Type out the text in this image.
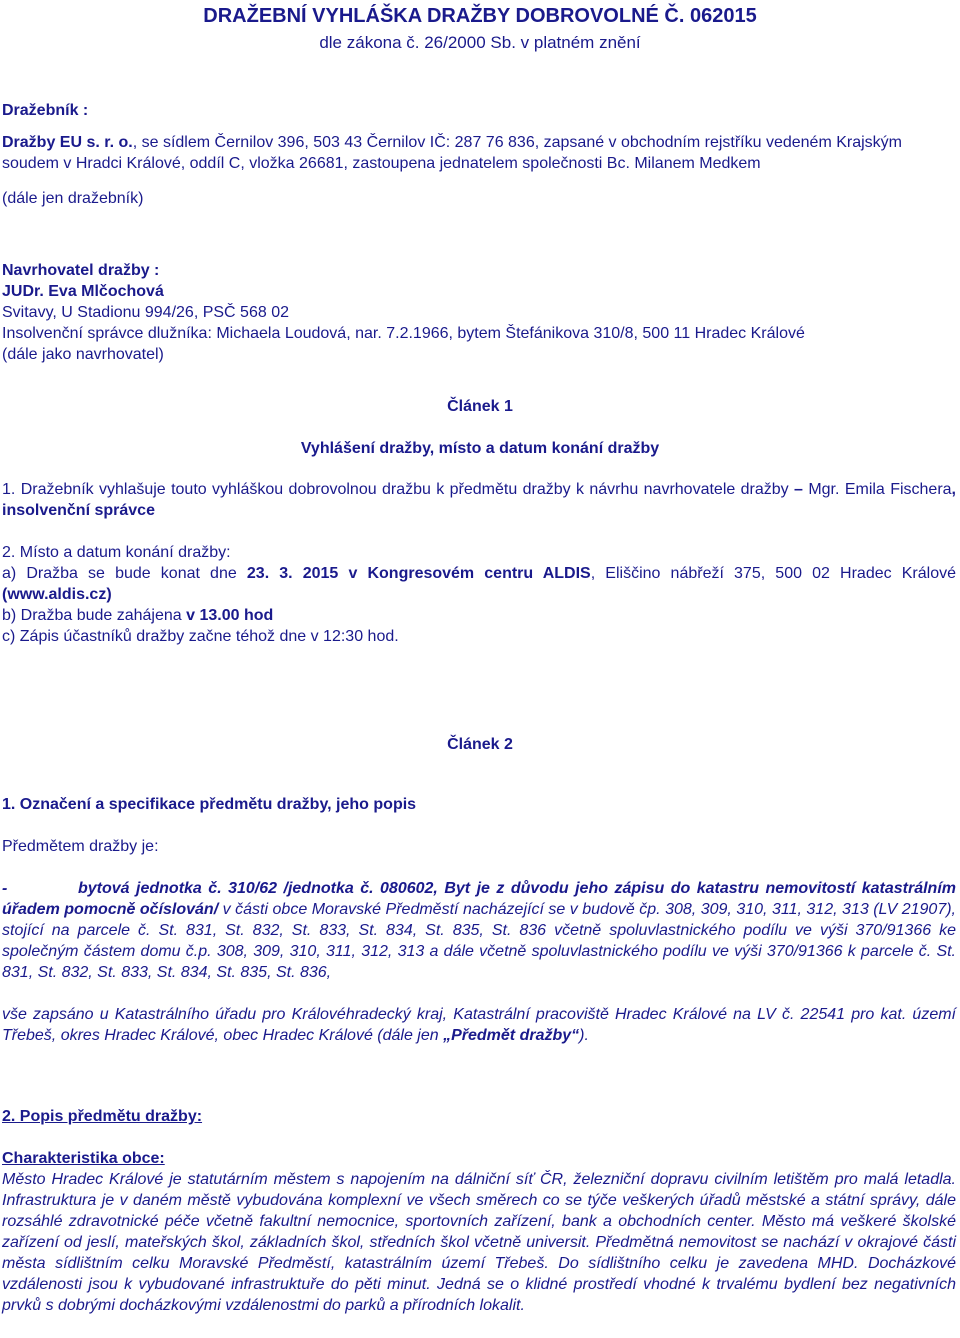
DRAŽEBNÍ VYHLÁŠKA DRAŽBY DOBROVOLNÉ Č. 062015
dle zákona č. 26/2000 Sb. v platném znění
Dražebník :
Dražby EU s. r. o., se sídlem Černilov 396, 503 43 Černilov IČ: 287 76 836, zapsané v obchodním rejstříku vedeném Krajským soudem v Hradci Králové, oddíl C, vložka 26681, zastoupena jednatelem společnosti Bc. Milanem Medkem
(dále jen dražebník)
Navrhovatel dražby :
JUDr. Eva Mlčochová
Svitavy, U Stadionu 994/26, PSČ 568 02
Insolvenční správce dlužníka: Michaela Loudová, nar. 7.2.1966, bytem Štefánikova 310/8, 500 11 Hradec Králové
(dále jako navrhovatel)
Článek 1
Vyhlášení dražby, místo a datum konání dražby
1. Dražebník vyhlašuje touto vyhláškou dobrovolnou dražbu k předmětu dražby k návrhu navrhovatele dražby – Mgr. Emila Fischera, insolvenční správce
2. Místo a datum konání dražby:
a) Dražba se bude konat dne 23. 3. 2015 v Kongresovém centru ALDIS, Eliščino nábřeží 375, 500 02 Hradec Králové (www.aldis.cz)
b) Dražba bude zahájena v 13.00 hod
c) Zápis účastníků dražby začne téhož dne v 12:30 hod.
Článek 2
1. Označení a specifikace předmětu dražby, jeho popis
Předmětem dražby je:
-	bytová jednotka č. 310/62 /jednotka č. 080602, Byt je z důvodu jeho zápisu do katastru nemovitostí katastrálním úřadem pomocně očíslován/ v části obce Moravské Předměstí nacházející se v budově čp. 308, 309, 310, 311, 312, 313 (LV 21907), stojící na parcele č. St. 831, St. 832, St. 833, St. 834, St. 835, St. 836 včetně spoluvlastnického podílu ve výši 370/91366 ke společným částem domu č.p. 308, 309, 310, 311, 312, 313 a dále včetně spoluvlastnického podílu ve výši 370/91366 k parcele č. St. 831, St. 832, St. 833, St. 834, St. 835, St. 836,
vše zapsáno u Katastrálního úřadu pro Královéhradecký kraj, Katastrální pracoviště Hradec Králové na LV č. 22541 pro kat. území Třebeš, okres Hradec Králové, obec Hradec Králové (dále jen „Předmět dražby“).
2. Popis předmětu dražby:
Charakteristika obce:
Město Hradec Králové je statutárním městem s napojením na dálniční síť ČR, železniční dopravu civilním letištěm pro malá letadla. Infrastruktura je v daném městě vybudována komplexní ve všech směrech co se týče veškerých úřadů městské a státní správy, dále rozsáhlé zdravotnické péče včetně fakultní nemocnice, sportovních zařízení, bank a obchodních center. Město má veškeré školské zařízení od jeslí, mateřských škol, základních škol, středních škol včetně universit. Předmětná nemovitost se nachází v okrajové části města sídlištním celku Moravské Předměstí, katastrálním území Třebeš. Do sídlištního celku je zavedena MHD. Docházkové vzdálenosti jsou k vybudované infrastruktuře do pěti minut. Jedná se o klidné prostředí vhodné k trvalému bydlení bez negativních prvků s dobrými docházkovými vzdálenostmi do parků a přírodních lokalit.
